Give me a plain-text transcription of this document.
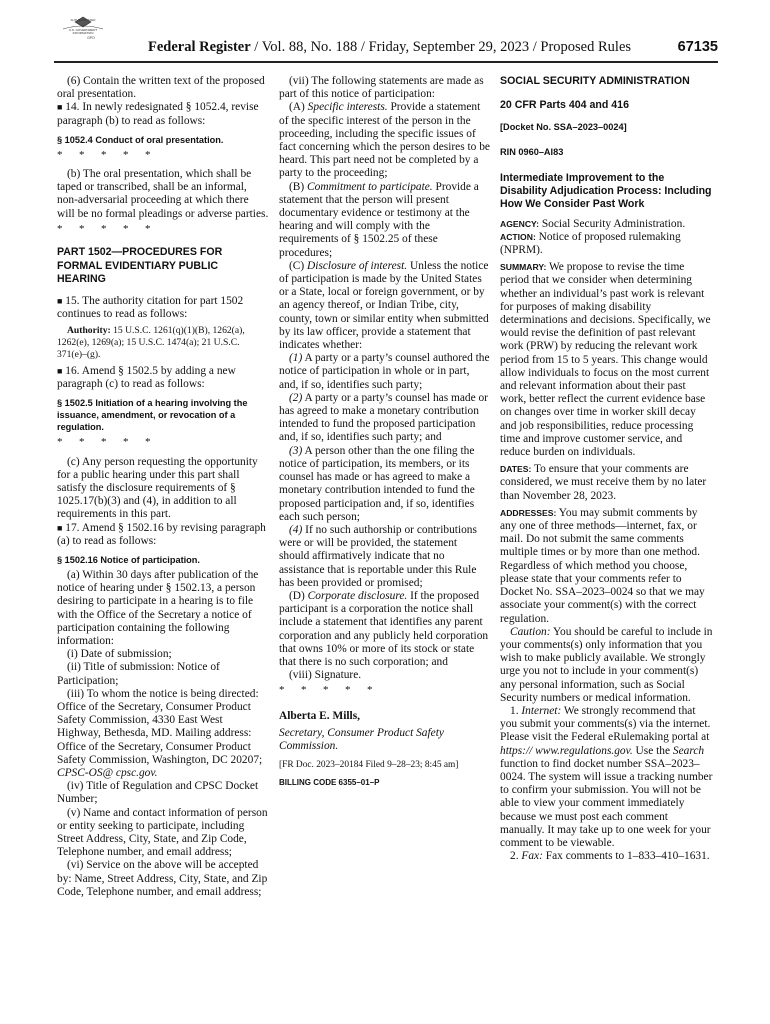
AUTHENTICATED
U.S. GOVERNMENT
INFORMATION
GPO
Federal Register / Vol. 88, No. 188 / Friday, September 29, 2023 / Proposed Rules	67135

(6) Contain the written text of the proposed oral presentation.

■ 14. In newly redesignated § 1052.4, revise paragraph (b) to read as follows:

§ 1052.4 Conduct of oral presentation.

* * * * *

(b) The oral presentation, which shall be taped or transcribed, shall be an informal, non-adversarial proceeding at which there will be no formal pleadings or adverse parties.

* * * * *

PART 1502—PROCEDURES FOR FORMAL EVIDENTIARY PUBLIC HEARING

■ 15. The authority citation for part 1502 continues to read as follows:

Authority: 15 U.S.C. 1261(q)(1)(B), 1262(a), 1262(e), 1269(a); 15 U.S.C. 1474(a); 21 U.S.C. 371(e)–(g).

■ 16. Amend § 1502.5 by adding a new paragraph (c) to read as follows:

§ 1502.5 Initiation of a hearing involving the issuance, amendment, or revocation of a regulation.

* * * * *

(c) Any person requesting the opportunity for a public hearing under this part shall satisfy the disclosure requirements of § 1025.17(b)(3) and (4), in addition to all requirements in this part.

■ 17. Amend § 1502.16 by revising paragraph (a) to read as follows:

§ 1502.16 Notice of participation.

(a) Within 30 days after publication of the notice of hearing under § 1502.13, a person desiring to participate in a hearing is to file with the Office of the Secretary a notice of participation containing the following information:

(i) Date of submission;

(ii) Title of submission: Notice of Participation;

(iii) To whom the notice is being directed: Office of the Secretary, Consumer Product Safety Commission, 4330 East West Highway, Bethesda, MD. Mailing address: Office of the Secretary, Consumer Product Safety Commission, Washington, DC 20207; CPSC-OS@ cpsc.gov.

(iv) Title of Regulation and CPSC Docket Number;

(v) Name and contact information of person or entity seeking to participate, including Street Address, City, State, and Zip Code, Telephone number, and email address;

(vi) Service on the above will be accepted by: Name, Street Address, City, State, and Zip Code, Telephone number, and email address;

(vii) The following statements are made as part of this notice of participation:

(A) Specific interests. Provide a statement of the specific interest of the person in the proceeding, including the specific issues of fact concerning which the person desires to be heard. This part need not be completed by a party to the proceeding;

(B) Commitment to participate. Provide a statement that the person will present documentary evidence or testimony at the hearing and will comply with the requirements of § 1502.25 of these procedures;

(C) Disclosure of interest. Unless the notice of participation is made by the United States or a State, local or foreign government, or by an agency thereof, or Indian Tribe, city, county, town or similar entity when submitted by its law officer, provide a statement that indicates whether:

(1) A party or a party’s counsel authored the notice of participation in whole or in part, and, if so, identifies such party;

(2) A party or a party’s counsel has made or has agreed to make a monetary contribution intended to fund the proposed participation and, if so, identifies such party; and

(3) A person other than the one filing the notice of participation, its members, or its counsel has made or has agreed to make a monetary contribution intended to fund the proposed participation and, if so, identifies each such person;

(4) If no such authorship or contributions were or will be provided, the statement should affirmatively indicate that no assistance that is reportable under this Rule has been provided or promised;

(D) Corporate disclosure. If the proposed participant is a corporation the notice shall include a statement that identifies any parent corporation and any publicly held corporation that owns 10% or more of its stock or state that there is no such corporation; and

(viii) Signature.

* * * * *

Alberta E. Mills,

Secretary, Consumer Product Safety Commission.

[FR Doc. 2023–20184 Filed 9–28–23; 8:45 am]

BILLING CODE 6355–01–P

SOCIAL SECURITY ADMINISTRATION

20 CFR Parts 404 and 416

[Docket No. SSA–2023–0024]

RIN 0960–AI83

Intermediate Improvement to the Disability Adjudication Process: Including How We Consider Past Work

AGENCY: Social Security Administration.

ACTION: Notice of proposed rulemaking (NPRM).

SUMMARY: We propose to revise the time period that we consider when determining whether an individual’s past work is relevant for purposes of making disability determinations and decisions. Specifically, we would revise the definition of past relevant work (PRW) by reducing the relevant work period from 15 to 5 years. This change would allow individuals to focus on the most current and relevant information about their past work, better reflect the current evidence base on changes over time in worker skill decay and job responsibilities, reduce processing time and improve customer service, and reduce burden on individuals.

DATES: To ensure that your comments are considered, we must receive them by no later than November 28, 2023.

ADDRESSES: You may submit comments by any one of three methods—internet, fax, or mail. Do not submit the same comments multiple times or by more than one method. Regardless of which method you choose, please state that your comments refer to Docket No. SSA–2023–0024 so that we may associate your comment(s) with the correct regulation.

Caution: You should be careful to include in your comments(s) only information that you wish to make publicly available. We strongly urge you not to include in your comment(s) any personal information, such as Social Security numbers or medical information.

1. Internet: We strongly recommend that you submit your comments(s) via the internet. Please visit the Federal eRulemaking portal at https:// www.regulations.gov. Use the Search function to find docket number SSA–2023–0024. The system will issue a tracking number to confirm your submission. You will not be able to view your comment immediately because we must post each comment manually. It may take up to one week for your comment to be viewable.

2. Fax: Fax comments to 1–833–410–1631.
